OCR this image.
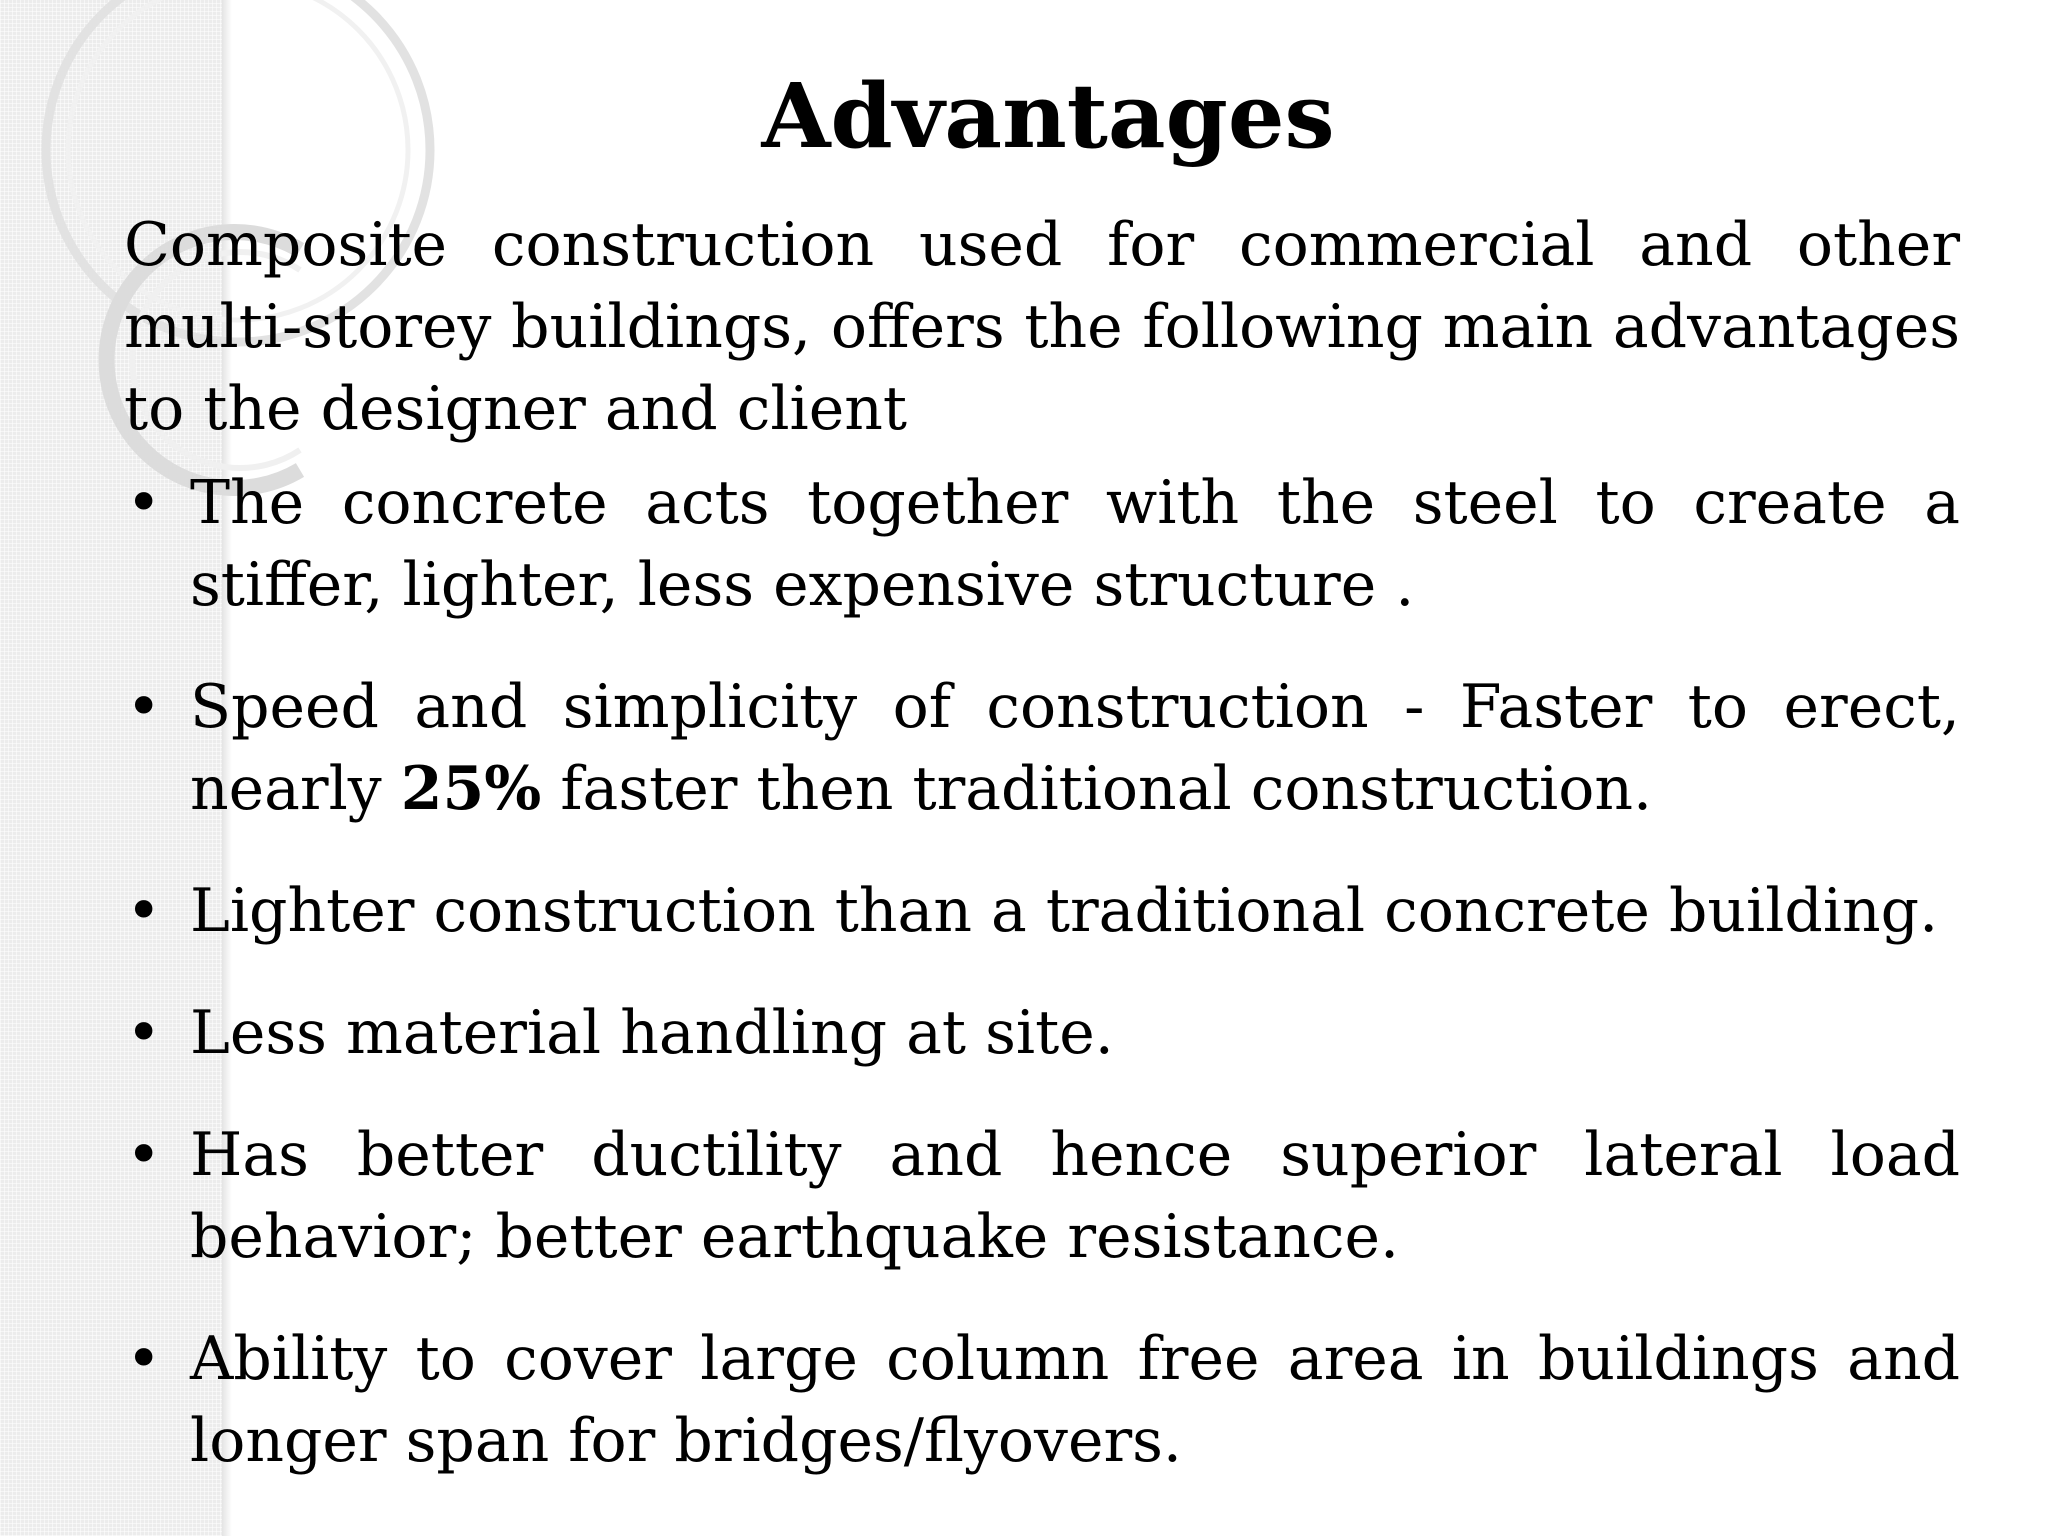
Advantages

Composite construction used for commercial and other multi-storey buildings, offers the following main advantages to the designer and client

• The concrete acts together with the steel to create a stiffer, lighter, less expensive structure .
• Speed and simplicity of construction - Faster to erect, nearly 25% faster then traditional construction.
• Lighter construction than a traditional concrete building.
• Less material handling at site.
• Has better ductility and hence superior lateral load behavior; better earthquake resistance.
• Ability to cover large column free area in buildings and longer span for bridges/flyovers.
